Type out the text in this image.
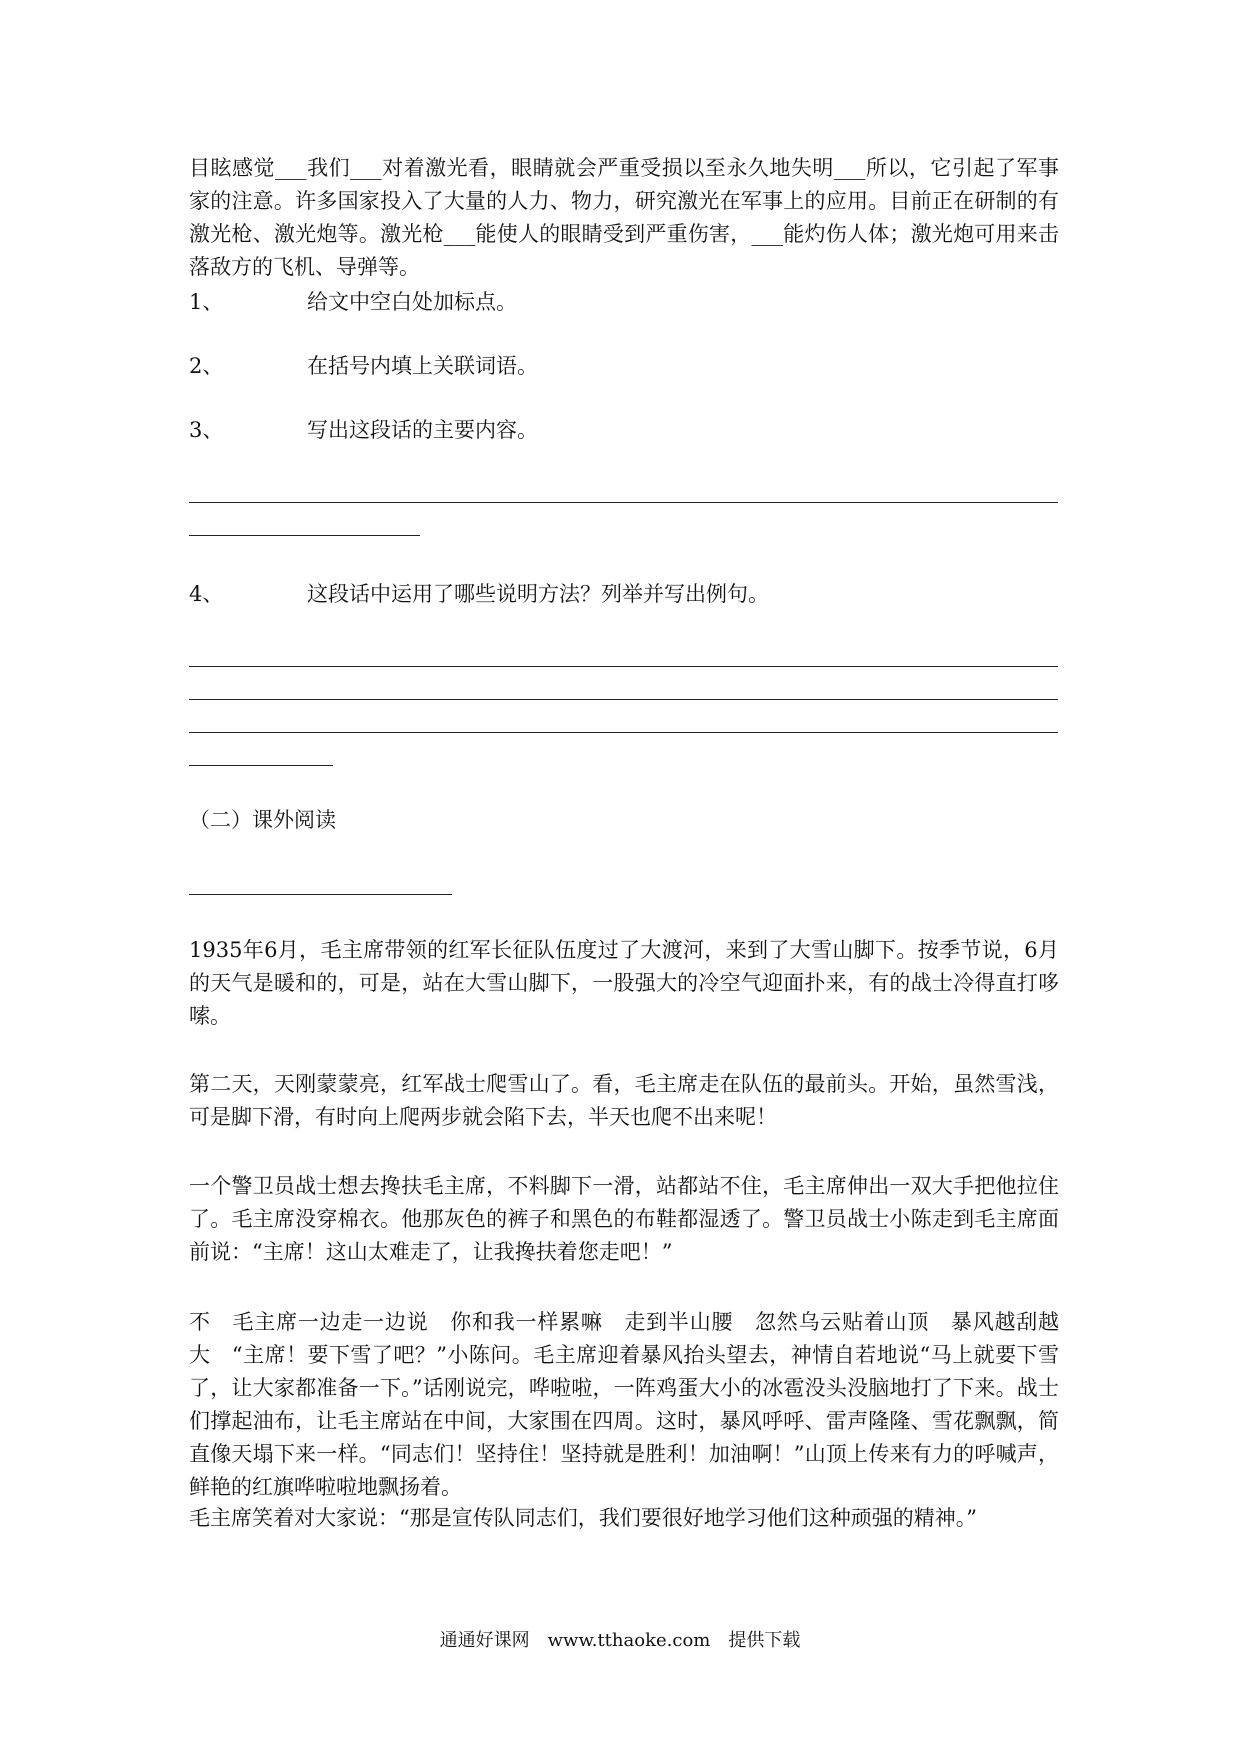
目眩感觉___我们___对着激光看，眼睛就会严重受损以至永久地失明___所以，它引起了军事家的注意。许多国家投入了大量的人力、物力，研究激光在军事上的应用。目前正在研制的有激光枪、激光炮等。激光枪___能使人的眼睛受到严重伤害，___能灼伤人体；激光炮可用来击落敌方的飞机、导弹等。
1、	给文中空白处加标点。
2、	在括号内填上关联词语。
3、	写出这段话的主要内容。
4、	这段话中运用了哪些说明方法？列举并写出例句。
（二）课外阅读
1935年6月，毛主席带领的红军长征队伍度过了大渡河，来到了大雪山脚下。按季节说，6月的天气是暖和的，可是，站在大雪山脚下，一股强大的冷空气迎面扑来，有的战士冷得直打哆嗦。
第二天，天刚蒙蒙亮，红军战士爬雪山了。看，毛主席走在队伍的最前头。开始，虽然雪浅，可是脚下滑，有时向上爬两步就会陷下去，半天也爬不出来呢！
一个警卫员战士想去搀扶毛主席，不料脚下一滑，站都站不住，毛主席伸出一双大手把他拉住了。毛主席没穿棉衣。他那灰色的裤子和黑色的布鞋都湿透了。警卫员战士小陈走到毛主席面前说：“主席！这山太难走了，让我搀扶着您走吧！”
不　毛主席一边走一边说　你和我一样累嘛　走到半山腰　忽然乌云贴着山顶　暴风越刮越大　“主席！要下雪了吧？”小陈问。毛主席迎着暴风抬头望去，神情自若地说“马上就要下雪了，让大家都准备一下。”话刚说完，哗啦啦，一阵鸡蛋大小的冰雹没头没脑地打了下来。战士们撑起油布，让毛主席站在中间，大家围在四周。这时，暴风呼呼、雷声隆隆、雪花飘飘，简直像天塌下来一样。“同志们！坚持住！坚持就是胜利！加油啊！”山顶上传来有力的呼喊声，鲜艳的红旗哗啦啦地飘扬着。
毛主席笑着对大家说：“那是宣传队同志们，我们要很好地学习他们这种顽强的精神。”
通通好课网　www.tthaoke.com　提供下载
